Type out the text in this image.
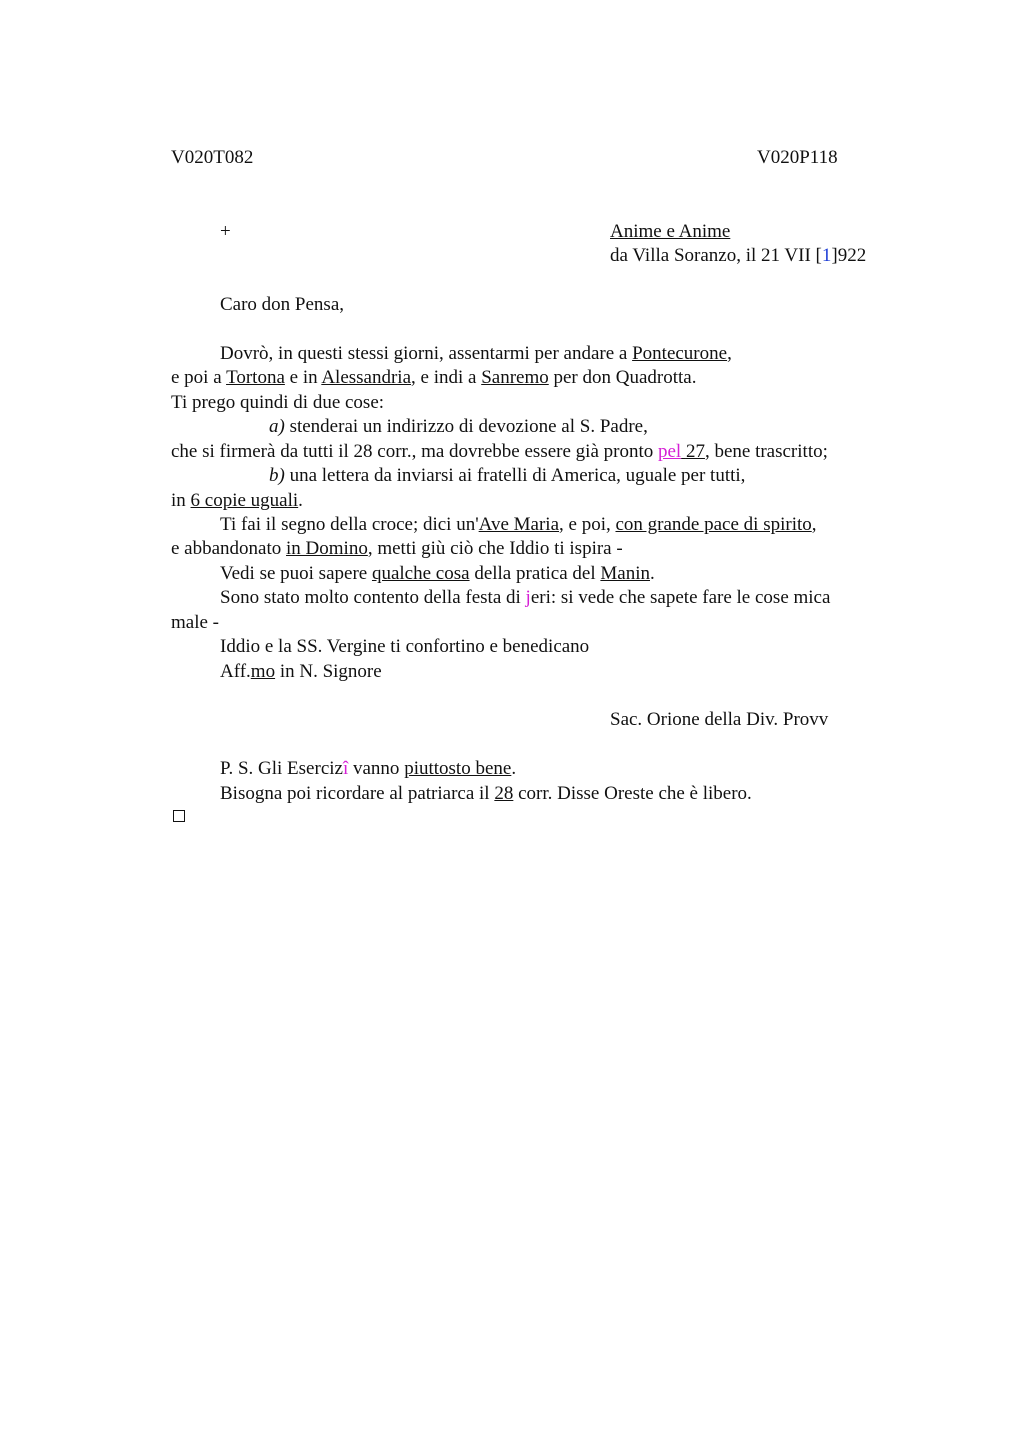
V020T082	V020P118
+	Anime e Anime
da Villa Soranzo, il 21 VII [1]922
Caro don Pensa,
Dovrò, in questi stessi giorni, assentarmi per andare a Pontecurone,
e poi a Tortona e in Alessandria, e indi a Sanremo per don Quadrotta.
Ti prego quindi di due cose:
a) stenderai un indirizzo di devozione al S. Padre,
che si firmerà da tutti il 28 corr., ma dovrebbe essere già pronto pel 27, bene trascritto;
b) una lettera da inviarsi ai fratelli di America, uguale per tutti,
in 6 copie uguali.
Ti fai il segno della croce; dici un'Ave Maria, e poi, con grande pace di spirito,
e abbandonato in Domino, metti giù ciò che Iddio ti ispira -
Vedi se puoi sapere qualche cosa della pratica del Manin.
Sono stato molto contento della festa di jeri: si vede che sapete fare le cose mica
male -
Iddio e la SS. Vergine ti confortino e benedicano
Aff.mo in N. Signore
Sac. Orione della Div. Provv
P. S. Gli Esercizî vanno piuttosto bene.
Bisogna poi ricordare al patriarca il 28 corr. Disse Oreste che è libero.
